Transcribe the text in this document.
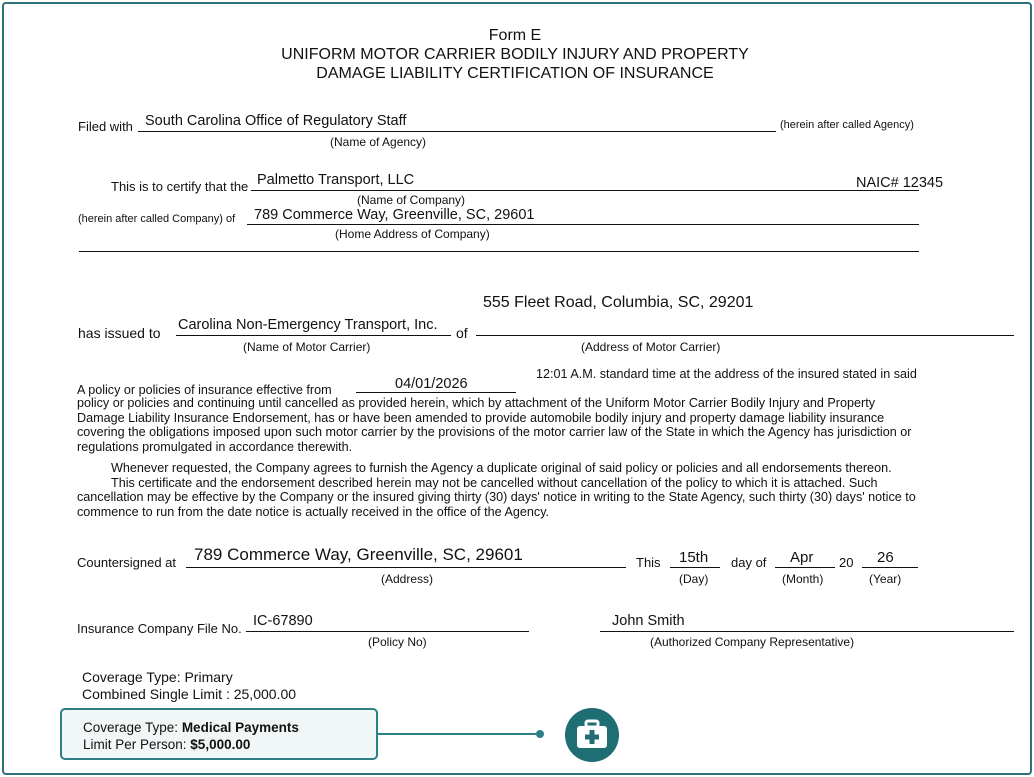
Form E
UNIFORM MOTOR CARRIER BODILY INJURY AND PROPERTY
DAMAGE LIABILITY CERTIFICATION OF INSURANCE
Filed with South Carolina Office of Regulatory Staff	(herein after called Agency)
(Name of Agency)
This is to certify that the Palmetto Transport, LLC	NAIC# 12345
(Name of Company)
(herein after called Company) of 789 Commerce Way, Greenville, SC, 29601
(Home Address of Company)
555 Fleet Road, Columbia, SC, 29201
has issued to Carolina Non-Emergency Transport, Inc. of
(Name of Motor Carrier)	(Address of Motor Carrier)
12:01 A.M. standard time at the address of the insured stated in said
A policy or policies of insurance effective from	04/01/2026
policy or policies and continuing until cancelled as provided herein, which by attachment of the Uniform Motor Carrier Bodily Injury and Property
Damage Liability Insurance Endorsement, has or have been amended to provide automobile bodily injury and property damage liability insurance
covering the obligations imposed upon such motor carrier by the provisions of the motor carrier law of the State in which the Agency has jurisdiction or
regulations promulgated in accordance therewith.
Whenever requested, the Company agrees to furnish the Agency a duplicate original of said policy or policies and all endorsements thereon.
This certificate and the endorsement described herein may not be cancelled without cancellation of the policy to which it is attached. Such
cancellation may be effective by the Company or the insured giving thirty (30) days' notice in writing to the State Agency, such thirty (30) days' notice to
commence to run from the date notice is actually received in the office of the Agency.
Countersigned at 789 Commerce Way, Greenville, SC, 29601
(Address)
This 15th
(Day)
day of Apr
(Month)
20 26
(Year)
Insurance Company File No. IC-67890
(Policy No)
John Smith
(Authorized Company Representative)
Coverage Type: Primary
Combined Single Limit : 25,000.00
Coverage Type: Medical Payments
Limit Per Person: $5,000.00
